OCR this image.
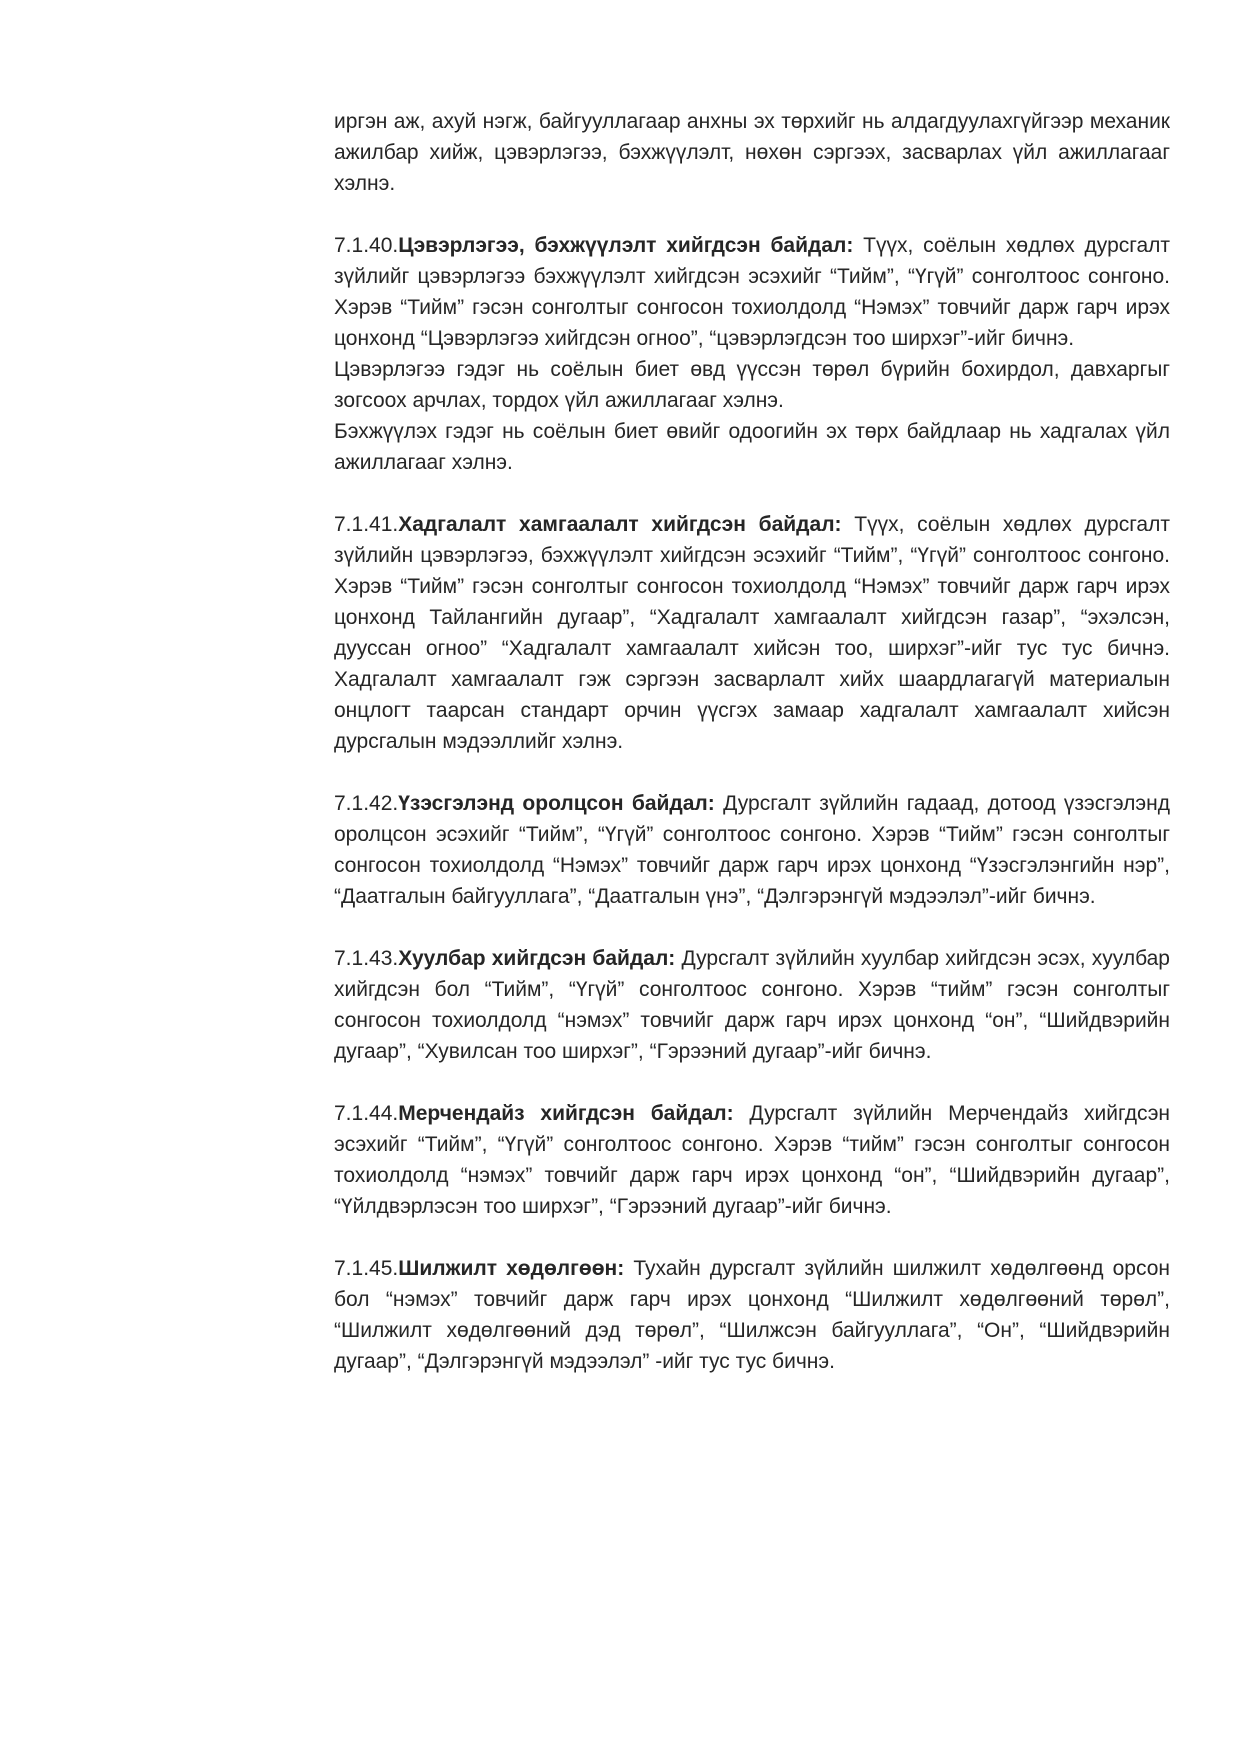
иргэн аж, ахуй нэгж, байгууллагаар анхны эх төрхийг нь алдагдуулахгүйгээр механик ажилбар хийж, цэвэрлэгээ, бэхжүүлэлт, нөхөн сэргээх, засварлах үйл ажиллагааг хэлнэ.

7.1.40.Цэвэрлэгээ, бэхжүүлэлт хийгдсэн байдал: Түүх, соёлын хөдлөх дурсгалт зүйлийг цэвэрлэгээ бэхжүүлэлт хийгдсэн эсэхийг “Тийм”, “Үгүй” сонголтоос сонгоно. Хэрэв “Тийм” гэсэн сонголтыг сонгосон тохиолдолд “Нэмэх” товчийг дарж гарч ирэх цонхонд “Цэвэрлэгээ хийгдсэн огноо”, “цэвэрлэгдсэн тоо ширхэг”-ийг бичнэ.

Цэвэрлэгээ гэдэг нь соёлын биет өвд үүссэн төрөл бүрийн бохирдол, давхаргыг зогсоох арчлах, тордох үйл ажиллагааг хэлнэ.

Бэхжүүлэх гэдэг нь соёлын биет өвийг одоогийн эх төрх байдлаар нь хадгалах үйл ажиллагааг хэлнэ.

7.1.41.Хадгалалт хамгаалалт хийгдсэн байдал: Түүх, соёлын хөдлөх дурсгалт зүйлийн цэвэрлэгээ, бэхжүүлэлт хийгдсэн эсэхийг “Тийм”, “Үгүй” сонголтоос сонгоно. Хэрэв “Тийм” гэсэн сонголтыг сонгосон тохиолдолд “Нэмэх” товчийг дарж гарч ирэх цонхонд Тайлангийн дугаар”, “Хадгалалт хамгаалалт хийгдсэн газар”, “эхэлсэн, дууссан огноо” “Хадгалалт хамгаалалт хийсэн тоо, ширхэг”-ийг тус тус бичнэ. Хадгалалт хамгаалалт гэж сэргээн засварлалт хийх шаардлагагүй материалын онцлогт таарсан стандарт орчин үүсгэх замаар хадгалалт хамгаалалт хийсэн дурсгалын мэдээллийг хэлнэ.

7.1.42.Үзэсгэлэнд оролцсон байдал: Дурсгалт зүйлийн гадаад, дотоод үзэсгэлэнд оролцсон эсэхийг “Тийм”, “Үгүй” сонголтоос сонгоно. Хэрэв “Тийм” гэсэн сонголтыг сонгосон тохиолдолд “Нэмэх” товчийг дарж гарч ирэх цонхонд “Үзэсгэлэнгийн нэр”, “Даатгалын байгууллага”, “Даатгалын үнэ”, “Дэлгэрэнгүй мэдээлэл”-ийг бичнэ.

7.1.43.Хуулбар хийгдсэн байдал: Дурсгалт зүйлийн хуулбар хийгдсэн эсэх, хуулбар хийгдсэн бол “Тийм”, “Үгүй” сонголтоос сонгоно. Хэрэв “тийм” гэсэн сонголтыг сонгосон тохиолдолд “нэмэх” товчийг дарж гарч ирэх цонхонд “он”, “Шийдвэрийн дугаар”, “Хувилсан тоо ширхэг”, “Гэрээний дугаар”-ийг бичнэ.

7.1.44.Мерчендайз хийгдсэн байдал: Дурсгалт зүйлийн Мерчендайз хийгдсэн эсэхийг “Тийм”, “Үгүй” сонголтоос сонгоно. Хэрэв “тийм” гэсэн сонголтыг сонгосон тохиолдолд “нэмэх” товчийг дарж гарч ирэх цонхонд “он”, “Шийдвэрийн дугаар”, “Үйлдвэрлэсэн тоо ширхэг”, “Гэрээний дугаар”-ийг бичнэ.

7.1.45.Шилжилт хөдөлгөөн: Тухайн дурсгалт зүйлийн шилжилт хөдөлгөөнд орсон бол “нэмэх” товчийг дарж гарч ирэх цонхонд “Шилжилт хөдөлгөөний төрөл”, “Шилжилт хөдөлгөөний дэд төрөл”, “Шилжсэн байгууллага”, “Он”, “Шийдвэрийн дугаар”, “Дэлгэрэнгүй мэдээлэл” -ийг тус тус бичнэ.
